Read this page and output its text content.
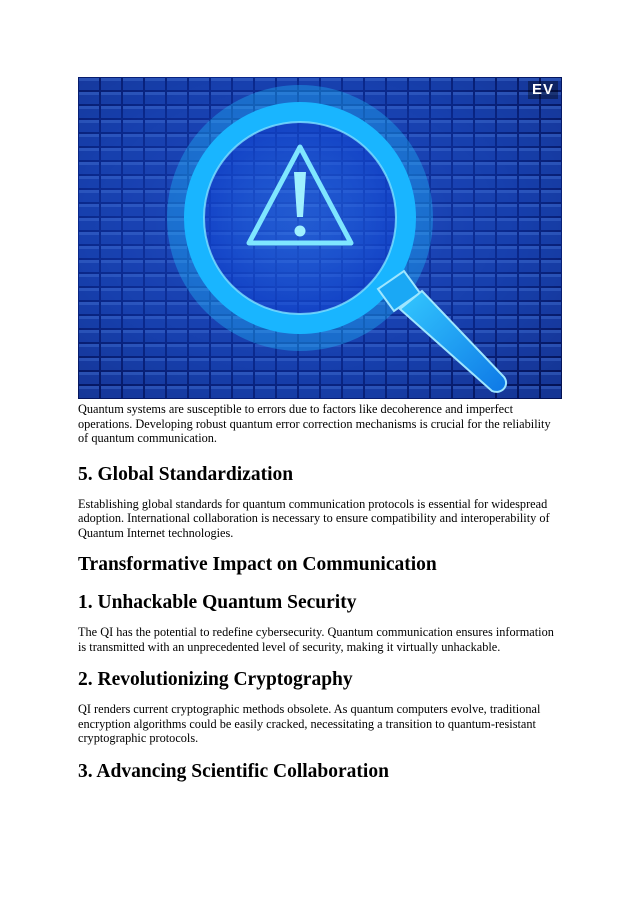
EV

Quantum systems are susceptible to errors due to factors like decoherence and imperfect operations. Developing robust quantum error correction mechanisms is crucial for the reliability of quantum communication.

5. Global Standardization

Establishing global standards for quantum communication protocols is essential for widespread adoption. International collaboration is necessary to ensure compatibility and interoperability of Quantum Internet technologies.

Transformative Impact on Communication
1. Unhackable Quantum Security

The QI has the potential to redefine cybersecurity. Quantum communication ensures information is transmitted with an unprecedented level of security, making it virtually unhackable.

2. Revolutionizing Cryptography

QI renders current cryptographic methods obsolete. As quantum computers evolve, traditional encryption algorithms could be easily cracked, necessitating a transition to quantum-resistant cryptographic protocols.

3. Advancing Scientific Collaboration
